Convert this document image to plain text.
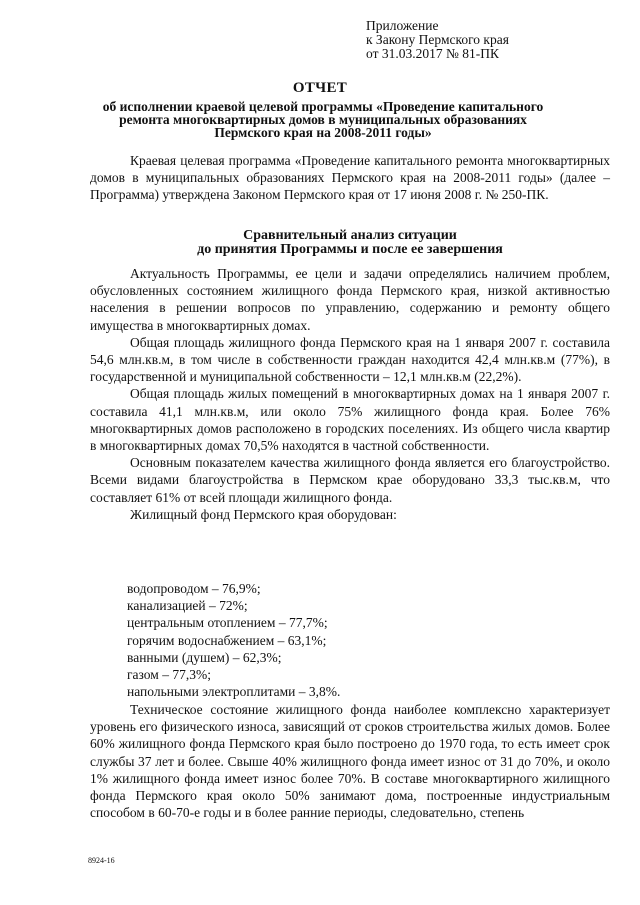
Приложение
к Закону Пермского края
от 31.03.2017 № 81-ПК
ОТЧЕТ
об исполнении краевой целевой программы «Проведение капитального ремонта многоквартирных домов в муниципальных образованиях Пермского края на 2008-2011 годы»

Краевая целевая программа «Проведение капитального ремонта многоквартирных домов в муниципальных образованиях Пермского края на 2008-2011 годы» (далее – Программа) утверждена Законом Пермского края от 17 июня 2008 г. № 250-ПК.

Сравнительный анализ ситуации
до принятия Программы и после ее завершения

Актуальность Программы, ее цели и задачи определялись наличием проблем, обусловленных состоянием жилищного фонда Пермского края, низкой активностью населения в решении вопросов по управлению, содержанию и ремонту общего имущества в многоквартирных домах.

Общая площадь жилищного фонда Пермского края на 1 января 2007 г. составила 54,6 млн.кв.м, в том числе в собственности граждан находится 42,4 млн.кв.м (77%), в государственной и муниципальной собственности – 12,1 млн.кв.м (22,2%).

Общая площадь жилых помещений в многоквартирных домах на 1 января 2007 г. составила 41,1 млн.кв.м, или около 75% жилищного фонда края. Более 76% многоквартирных домов расположено в городских поселениях. Из общего числа квартир в многоквартирных домах 70,5% находятся в частной собственности.

Основным показателем качества жилищного фонда является его благоустройство. Всеми видами благоустройства в Пермском крае оборудовано 33,3 тыс.кв.м, что составляет 61% от всей площади жилищного фонда.

Жилищный фонд Пермского края оборудован:

водопроводом – 76,9%;
канализацией – 72%;
центральным отоплением – 77,7%;
горячим водоснабжением – 63,1%;
ванными (душем) – 62,3%;
газом – 77,3%;
напольными электроплитами – 3,8%.

Техническое состояние жилищного фонда наиболее комплексно характеризует уровень его физического износа, зависящий от сроков строительства жилых домов. Более 60% жилищного фонда Пермского края было построено до 1970 года, то есть имеет срок службы 37 лет и более. Свыше 40% жилищного фонда имеет износ от 31 до 70%, и около 1% жилищного фонда имеет износ более 70%. В составе многоквартирного жилищного фонда Пермского края около 50% занимают дома, построенные индустриальным способом в 60-70-е годы и в более ранние периоды, следовательно, степень

8924-16
